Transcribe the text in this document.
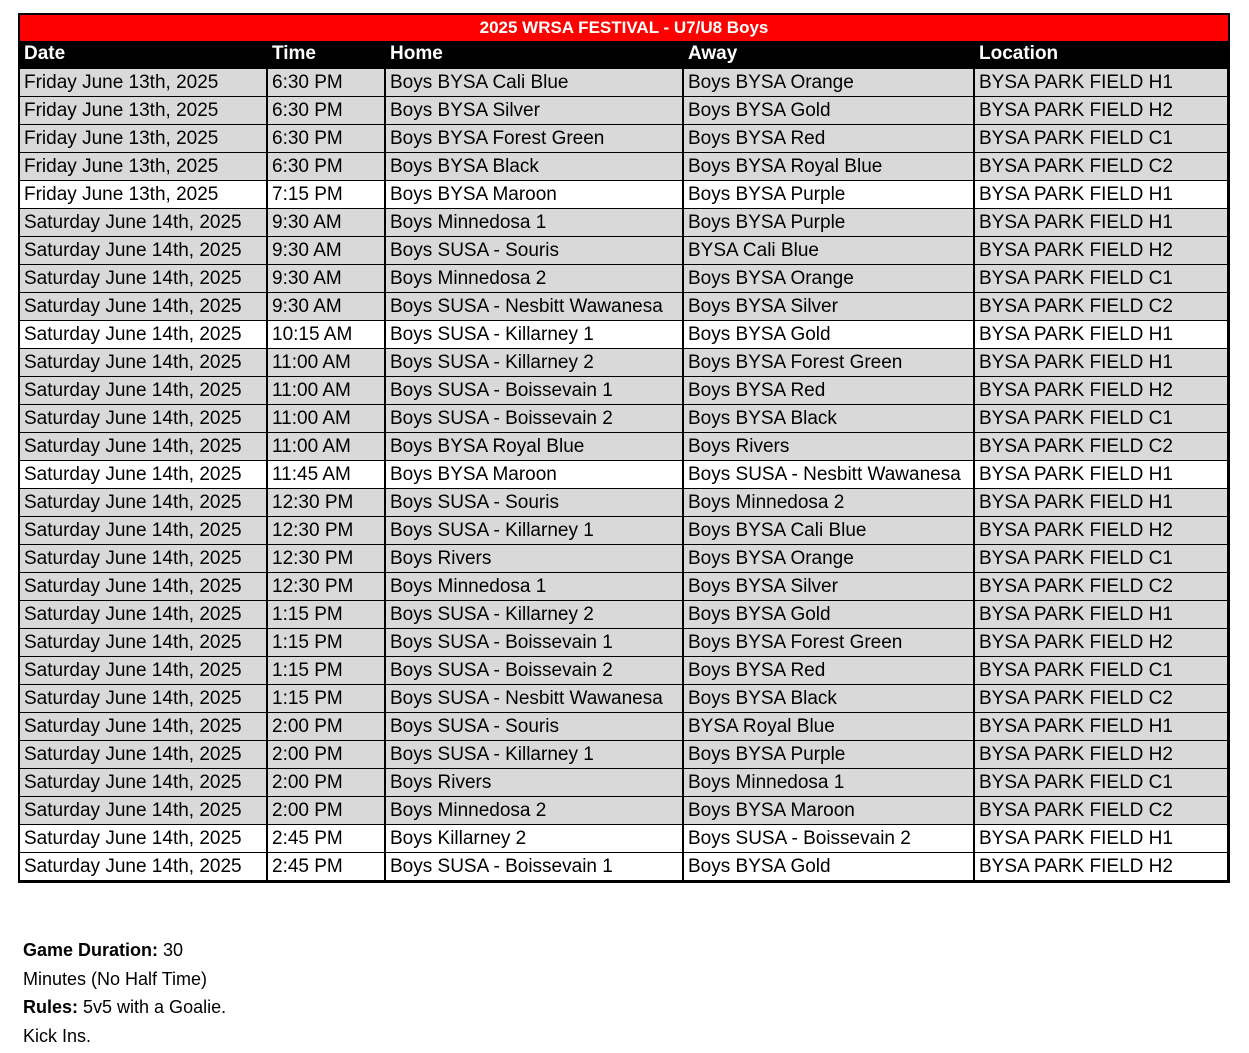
2025 WRSA FESTIVAL - U7/U8 Boys
Date	Time	Home	Away	Location
Friday June 13th, 2025	6:30 PM	Boys BYSA Cali Blue	Boys BYSA Orange	BYSA PARK FIELD H1
Friday June 13th, 2025	6:30 PM	Boys BYSA Silver	Boys BYSA Gold	BYSA PARK FIELD H2
Friday June 13th, 2025	6:30 PM	Boys BYSA Forest Green	Boys BYSA Red	BYSA PARK FIELD C1
Friday June 13th, 2025	6:30 PM	Boys BYSA Black	Boys BYSA Royal Blue	BYSA PARK FIELD C2
Friday June 13th, 2025	7:15 PM	Boys BYSA Maroon	Boys BYSA Purple	BYSA PARK FIELD H1
Saturday June 14th, 2025	9:30 AM	Boys Minnedosa 1	Boys BYSA Purple	BYSA PARK FIELD H1
Saturday June 14th, 2025	9:30 AM	Boys SUSA - Souris	BYSA Cali Blue	BYSA PARK FIELD H2
Saturday June 14th, 2025	9:30 AM	Boys Minnedosa 2	Boys BYSA Orange	BYSA PARK FIELD C1
Saturday June 14th, 2025	9:30 AM	Boys SUSA - Nesbitt Wawanesa	Boys BYSA Silver	BYSA PARK FIELD C2
Saturday June 14th, 2025	10:15 AM	Boys SUSA - Killarney 1	Boys BYSA Gold	BYSA PARK FIELD H1
Saturday June 14th, 2025	11:00 AM	Boys SUSA - Killarney 2	Boys BYSA Forest Green	BYSA PARK FIELD H1
Saturday June 14th, 2025	11:00 AM	Boys SUSA - Boissevain 1	Boys BYSA Red	BYSA PARK FIELD H2
Saturday June 14th, 2025	11:00 AM	Boys SUSA - Boissevain 2	Boys BYSA Black	BYSA PARK FIELD C1
Saturday June 14th, 2025	11:00 AM	Boys BYSA Royal Blue	Boys Rivers	BYSA PARK FIELD C2
Saturday June 14th, 2025	11:45 AM	Boys BYSA Maroon	Boys SUSA - Nesbitt Wawanesa	BYSA PARK FIELD H1
Saturday June 14th, 2025	12:30 PM	Boys SUSA - Souris	Boys Minnedosa 2	BYSA PARK FIELD H1
Saturday June 14th, 2025	12:30 PM	Boys SUSA - Killarney 1	Boys BYSA Cali Blue	BYSA PARK FIELD H2
Saturday June 14th, 2025	12:30 PM	Boys Rivers	Boys BYSA Orange	BYSA PARK FIELD C1
Saturday June 14th, 2025	12:30 PM	Boys Minnedosa 1	Boys BYSA Silver	BYSA PARK FIELD C2
Saturday June 14th, 2025	1:15 PM	Boys SUSA - Killarney 2	Boys BYSA Gold	BYSA PARK FIELD H1
Saturday June 14th, 2025	1:15 PM	Boys SUSA - Boissevain 1	Boys BYSA Forest Green	BYSA PARK FIELD H2
Saturday June 14th, 2025	1:15 PM	Boys SUSA - Boissevain 2	Boys BYSA Red	BYSA PARK FIELD C1
Saturday June 14th, 2025	1:15 PM	Boys SUSA - Nesbitt Wawanesa	Boys BYSA Black	BYSA PARK FIELD C2
Saturday June 14th, 2025	2:00 PM	Boys SUSA - Souris	BYSA Royal Blue	BYSA PARK FIELD H1
Saturday June 14th, 2025	2:00 PM	Boys SUSA - Killarney 1	Boys BYSA Purple	BYSA PARK FIELD H2
Saturday June 14th, 2025	2:00 PM	Boys Rivers	Boys Minnedosa 1	BYSA PARK FIELD C1
Saturday June 14th, 2025	2:00 PM	Boys Minnedosa 2	Boys BYSA Maroon	BYSA PARK FIELD C2
Saturday June 14th, 2025	2:45 PM	Boys Killarney 2	Boys SUSA - Boissevain 2	BYSA PARK FIELD H1
Saturday June 14th, 2025	2:45 PM	Boys SUSA - Boissevain 1	Boys BYSA Gold	BYSA PARK FIELD H2
Game Duration: 30
Minutes (No Half Time)
Rules: 5v5 with a Goalie.
Kick Ins.
